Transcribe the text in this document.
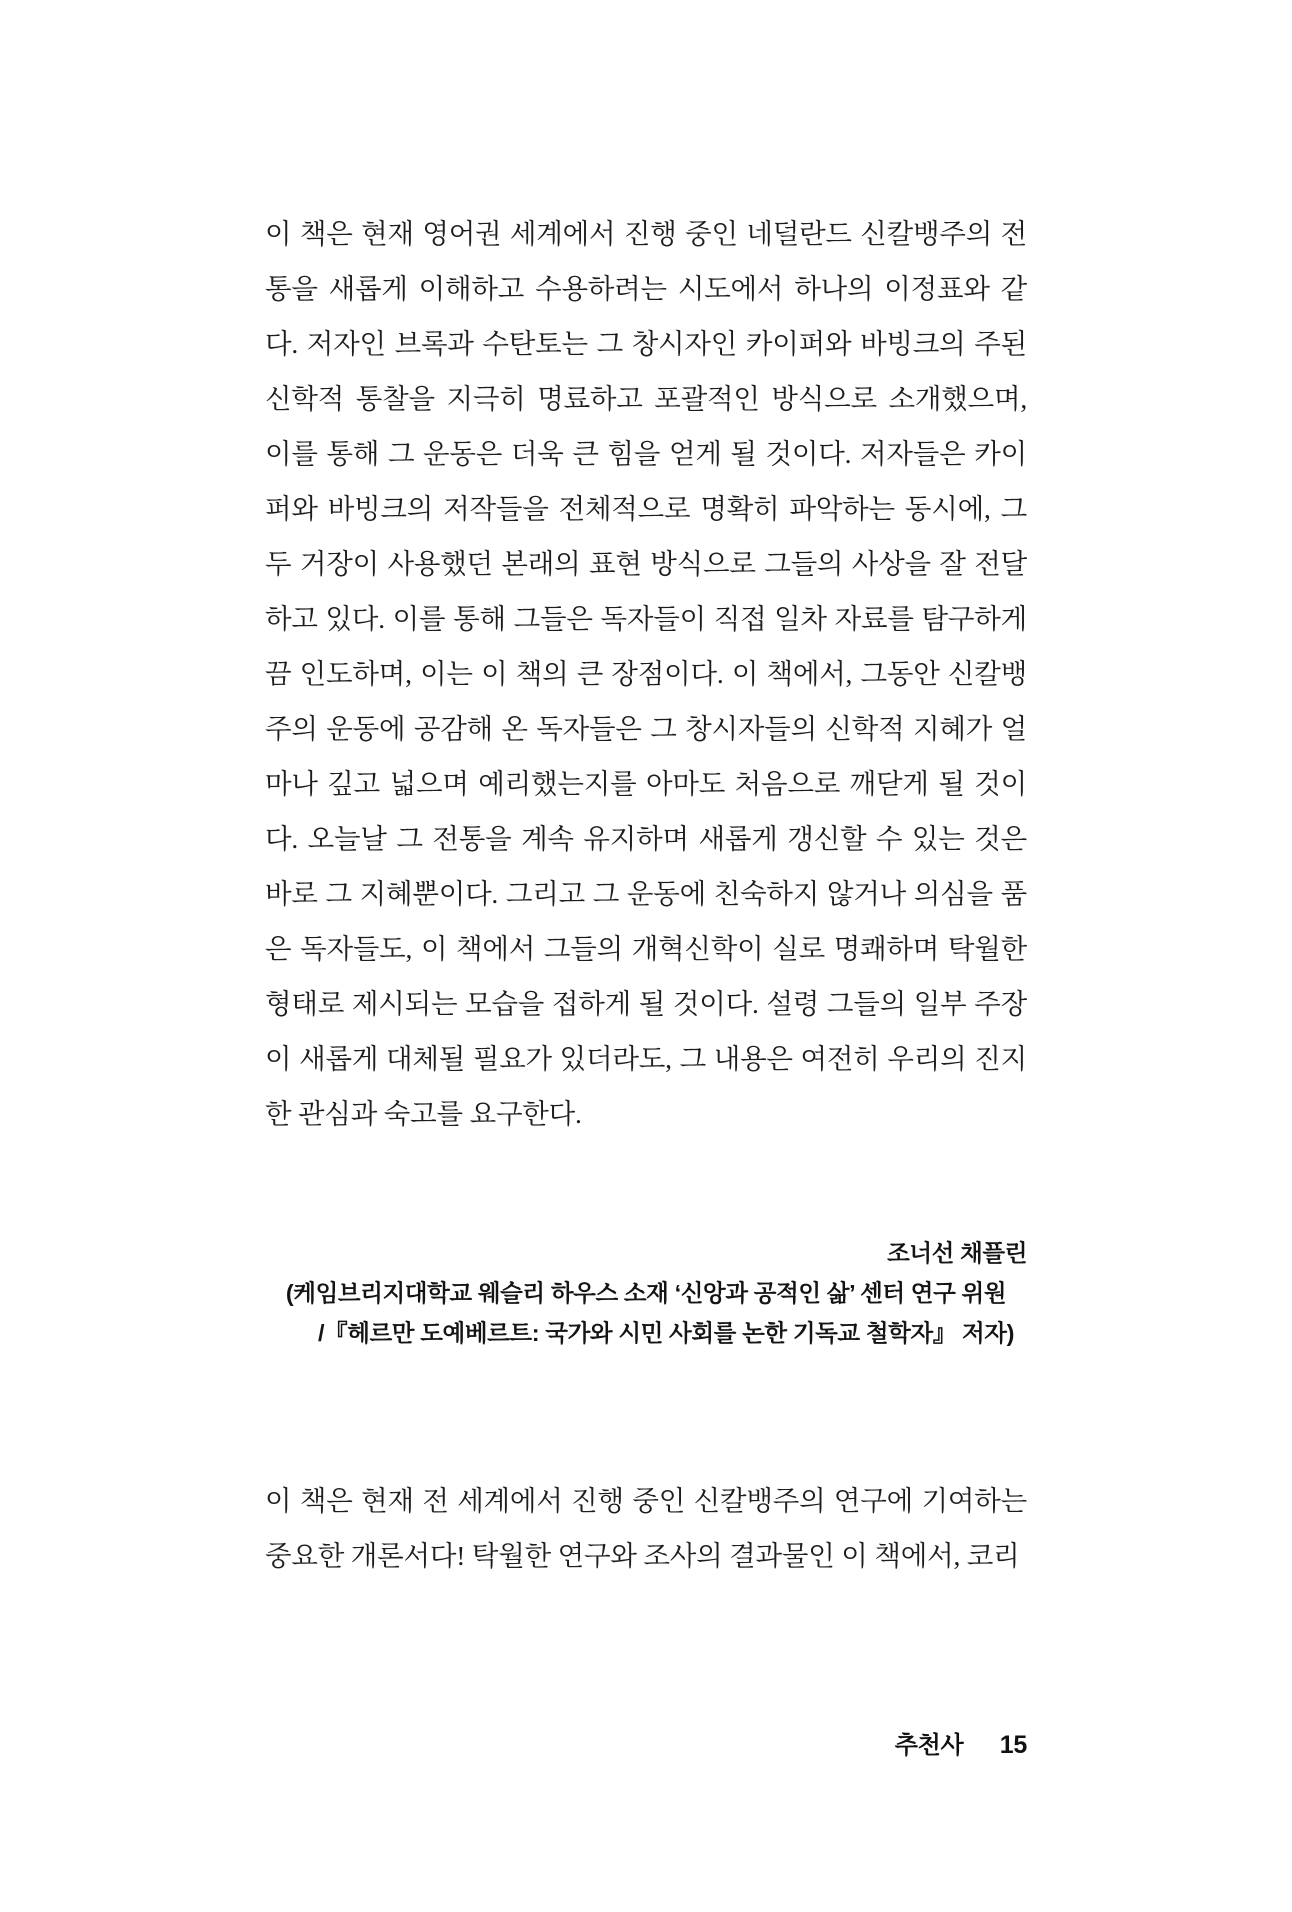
이 책은 현재 영어권 세계에서 진행 중인 네덜란드 신칼뱅주의 전통을 새롭게 이해하고 수용하려는 시도에서 하나의 이정표와 같다. 저자인 브록과 수탄토는 그 창시자인 카이퍼와 바빙크의 주된 신학적 통찰을 지극히 명료하고 포괄적인 방식으로 소개했으며, 이를 통해 그 운동은 더욱 큰 힘을 얻게 될 것이다. 저자들은 카이퍼와 바빙크의 저작들을 전체적으로 명확히 파악하는 동시에, 그 두 거장이 사용했던 본래의 표현 방식으로 그들의 사상을 잘 전달하고 있다. 이를 통해 그들은 독자들이 직접 일차 자료를 탐구하게끔 인도하며, 이는 이 책의 큰 장점이다. 이 책에서, 그동안 신칼뱅주의 운동에 공감해 온 독자들은 그 창시자들의 신학적 지혜가 얼마나 깊고 넓으며 예리했는지를 아마도 처음으로 깨닫게 될 것이다. 오늘날 그 전통을 계속 유지하며 새롭게 갱신할 수 있는 것은 바로 그 지혜뿐이다. 그리고 그 운동에 친숙하지 않거나 의심을 품은 독자들도, 이 책에서 그들의 개혁신학이 실로 명쾌하며 탁월한 형태로 제시되는 모습을 접하게 될 것이다. 설령 그들의 일부 주장이 새롭게 대체될 필요가 있더라도, 그 내용은 여전히 우리의 진지한 관심과 숙고를 요구한다.

조너선 채플린
(케임브리지대학교 웨슬리 하우스 소재 ‘신앙과 공적인 삶’ 센터 연구 위원
/『헤르만 도예베르트: 국가와 시민 사회를 논한 기독교 철학자』 저자)

이 책은 현재 전 세계에서 진행 중인 신칼뱅주의 연구에 기여하는 중요한 개론서다! 탁월한 연구와 조사의 결과물인 이 책에서, 코리

추천사 15
